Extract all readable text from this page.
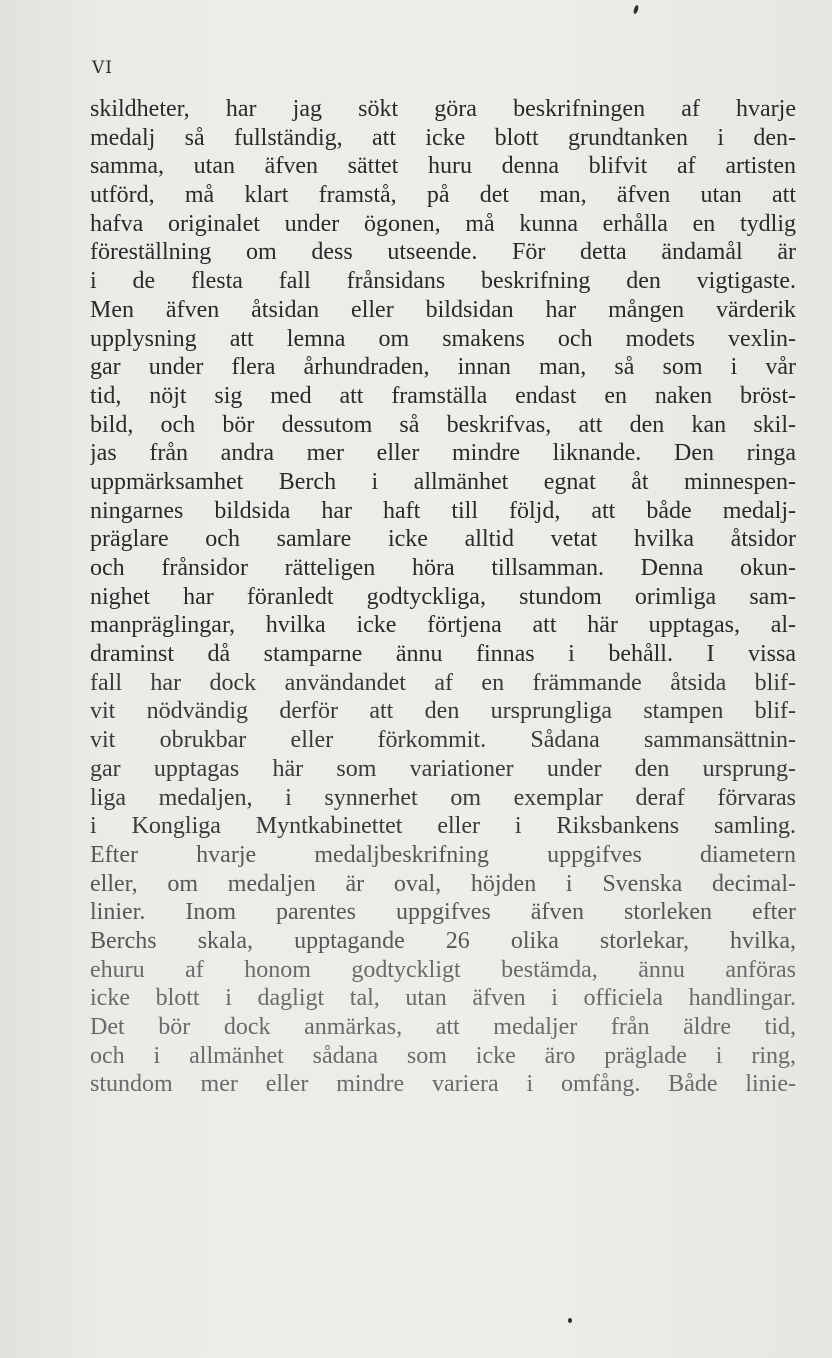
VI
skildheter, har jag sökt göra beskrifningen af hvarje
medalj så fullständig, att icke blott grundtanken i den-
samma, utan äfven sättet huru denna blifvit af artisten
utförd, må klart framstå, på det man, äfven utan att
hafva originalet under ögonen, må kunna erhålla en tydlig
föreställning om dess utseende. För detta ändamål är
i de flesta fall frånsidans beskrifning den vigtigaste.
Men äfven åtsidan eller bildsidan har mången värderik
upplysning att lemna om smakens och modets vexlin-
gar under flera århundraden, innan man, så som i vår
tid, nöjt sig med att framställa endast en naken bröst-
bild, och bör dessutom så beskrifvas, att den kan skil-
jas från andra mer eller mindre liknande. Den ringa
uppmärksamhet Berch i allmänhet egnat åt minnespen-
ningarnes bildsida har haft till följd, att både medalj-
präglare och samlare icke alltid vetat hvilka åtsidor
och frånsidor rätteligen höra tillsamman. Denna okun-
nighet har föranledt godtyckliga, stundom orimliga sam-
manpräglingar, hvilka icke förtjena att här upptagas, al-
draminst då stamparne ännu finnas i behåll. I vissa
fall har dock användandet af en främmande åtsida blif-
vit nödvändig derför att den ursprungliga stampen blif-
vit obrukbar eller förkommit. Sådana sammansättnin-
gar upptagas här som variationer under den ursprung-
liga medaljen, i synnerhet om exemplar deraf förvaras
i Kongliga Myntkabinettet eller i Riksbankens samling.
Efter hvarje medaljbeskrifning uppgifves diametern
eller, om medaljen är oval, höjden i Svenska decimal-
linier. Inom parentes uppgifves äfven storleken efter
Berchs skala, upptagande 26 olika storlekar, hvilka,
ehuru af honom godtyckligt bestämda, ännu anföras
icke blott i dagligt tal, utan äfven i officiela handlingar.
Det bör dock anmärkas, att medaljer från äldre tid,
och i allmänhet sådana som icke äro präglade i ring,
stundom mer eller mindre variera i omfång. Både linie-
